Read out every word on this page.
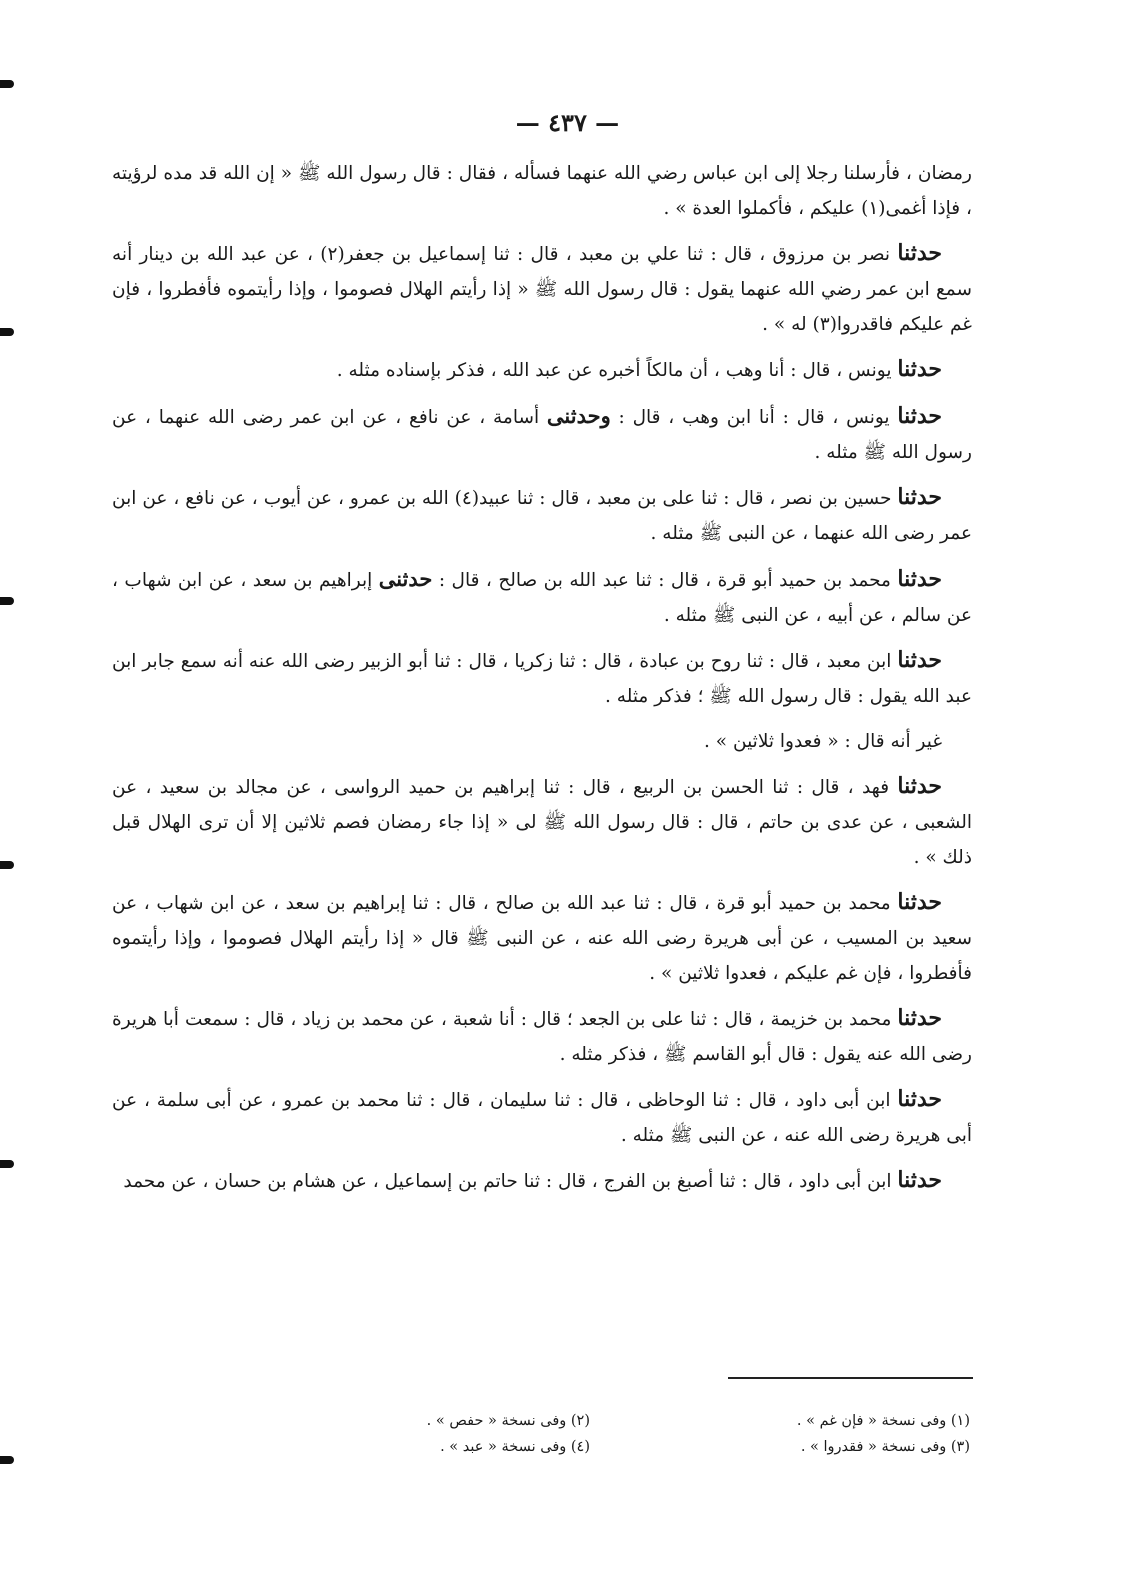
— ٤٣٧ —

رمضان ، فأرسلنا رجلا إلى ابن عباس رضي الله عنهما فسأله ، فقال : قال رسول الله ﷺ « إن الله قد مده لرؤيته ، فإذا أغمى(١) عليكم ، فأكملوا العدة » .

حدثنا نصر بن مرزوق ، قال : ثنا علي بن معبد ، قال : ثنا إسماعيل بن جعفر(٢) ، عن عبد الله بن دينار أنه سمع ابن عمر رضي الله عنهما يقول : قال رسول الله ﷺ « إذا رأيتم الهلال فصوموا ، وإذا رأيتموه فأفطروا ، فإن غم عليكم فاقدروا(٣) له » .

حدثنا يونس ، قال : أنا وهب ، أن مالكاً أخبره عن عبد الله ، فذكر بإسناده مثله .

حدثنا يونس ، قال : أنا ابن وهب ، قال : وحدثنى أسامة ، عن نافع ، عن ابن عمر رضى الله عنهما ، عن رسول الله ﷺ مثله .

حدثنا حسين بن نصر ، قال : ثنا على بن معبد ، قال : ثنا عبيد(٤) الله بن عمرو ، عن أيوب ، عن نافع ، عن ابن عمر رضى الله عنهما ، عن النبى ﷺ مثله .

حدثنا محمد بن حميد أبو قرة ، قال : ثنا عبد الله بن صالح ، قال : حدثنى إبراهيم بن سعد ، عن ابن شهاب ، عن سالم ، عن أبيه ، عن النبى ﷺ مثله .

حدثنا ابن معبد ، قال : ثنا روح بن عبادة ، قال : ثنا زكريا ، قال : ثنا أبو الزبير رضى الله عنه أنه سمع جابر ابن عبد الله يقول : قال رسول الله ﷺ ؛ فذكر مثله .

غير أنه قال : « فعدوا ثلاثين » .

حدثنا فهد ، قال : ثنا الحسن بن الربيع ، قال : ثنا إبراهيم بن حميد الرواسى ، عن مجالد بن سعيد ، عن الشعبى ، عن عدى بن حاتم ، قال : قال رسول الله ﷺ لى « إذا جاء رمضان فصم ثلاثين إلا أن ترى الهلال قبل ذلك » .

حدثنا محمد بن حميد أبو قرة ، قال : ثنا عبد الله بن صالح ، قال : ثنا إبراهيم بن سعد ، عن ابن شهاب ، عن سعيد بن المسيب ، عن أبى هريرة رضى الله عنه ، عن النبى ﷺ قال « إذا رأيتم الهلال فصوموا ، وإذا رأيتموه فأفطروا ، فإن غم عليكم ، فعدوا ثلاثين » .

حدثنا محمد بن خزيمة ، قال : ثنا على بن الجعد ؛ قال : أنا شعبة ، عن محمد بن زياد ، قال : سمعت أبا هريرة رضى الله عنه يقول : قال أبو القاسم ﷺ ، فذكر مثله .

حدثنا ابن أبى داود ، قال : ثنا الوحاظى ، قال : ثنا سليمان ، قال : ثنا محمد بن عمرو ، عن أبى سلمة ، عن أبى هريرة رضى الله عنه ، عن النبى ﷺ مثله .

حدثنا ابن أبى داود ، قال : ثنا أصبغ بن الفرج ، قال : ثنا حاتم بن إسماعيل ، عن هشام بن حسان ، عن محمد

(١) وفى نسخة « فإن غم » .
(٢) وفى نسخة « حفص » .
(٣) وفى نسخة « فقدروا » .
(٤) وفى نسخة « عبد » .
